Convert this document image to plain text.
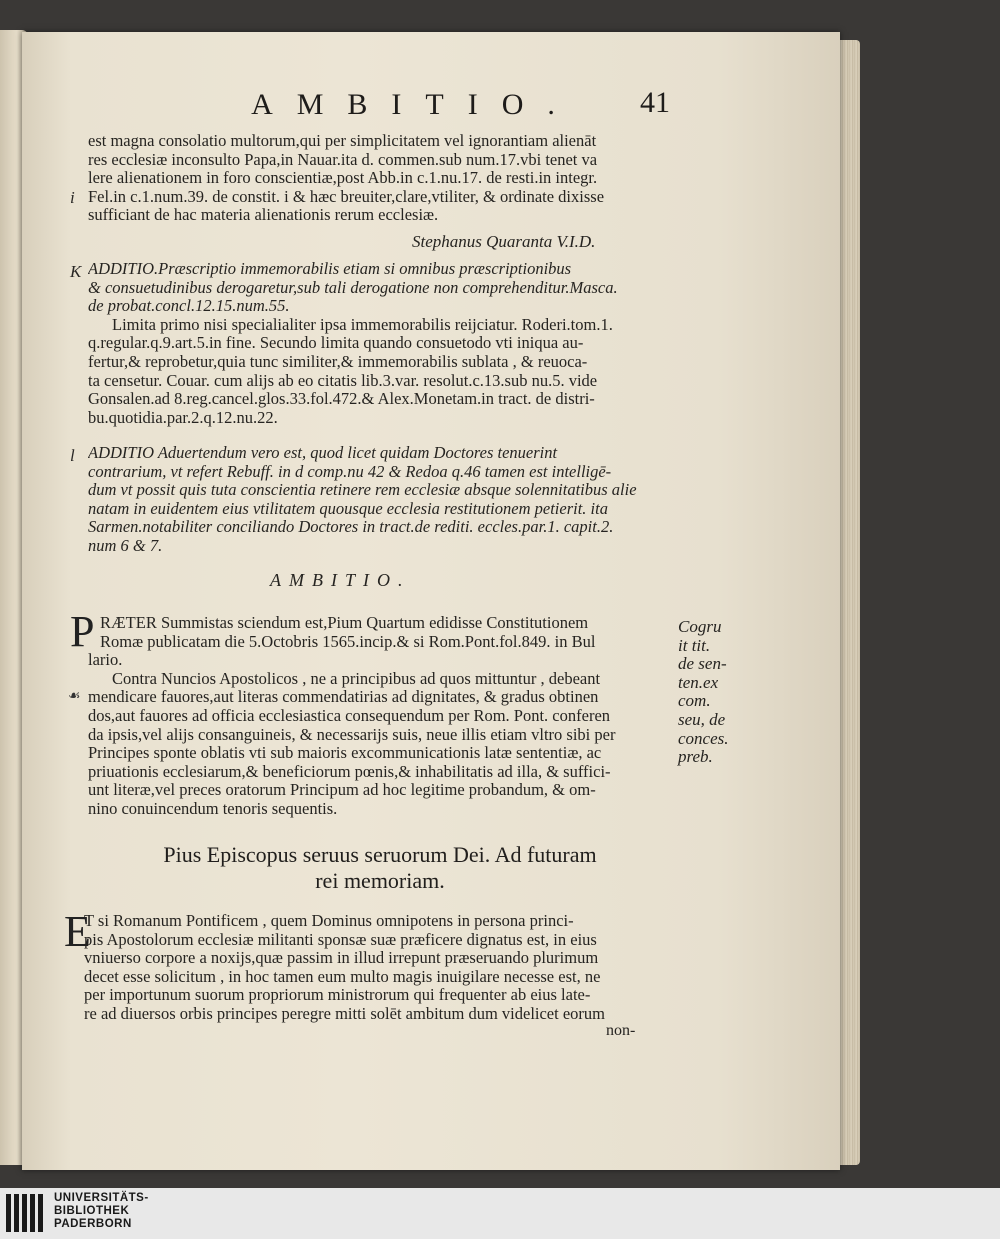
AMBITIO.	41
i
est magna consolatio multorum,qui per simplicitatem vel ignorantiam alienāt
res ecclesiæ inconsulto Papa,in Nauar.ita d. commen.sub num.17.vbi tenet va
lere alienationem in foro conscientiæ,post Abb.in c.1.nu.17. de resti.in integr.
Fel.in c.1.num.39. de constit. i & hæc breuiter,clare,vtiliter, & ordinate dixisse
sufficiant de hac materia alienationis rerum ecclesiæ.
Stephanus Quaranta V.I.D.
K ADDITIO.Præscriptio immemorabilis etiam si omnibus præscriptionibus
& consuetudinibus derogaretur,sub tali derogatione non comprehenditur.Masca.
de probat.concl.12.15.num.55.
Limita primo nisi specialialiter ipsa immemorabilis reijciatur. Roderi.tom.1.
q.regular.q.9.art.5.in fine. Secundo limita quando consuetodo vti iniqua au-
fertur,& reprobetur,quia tunc similiter,& immemorabilis sublata , & reuoca-
ta censetur. Couar. cum alijs ab eo citatis lib.3.var. resolut.c.13.sub nu.5. vide
Gonsalen.ad 8.reg.cancel.glos.33.fol.472.& Alex.Monetam.in tract. de distri-
bu.quotidia.par.2.q.12.nu.22.
l ADDITIO Aduertendum vero est, quod licet quidam Doctores tenuerint
contrarium, vt refert Rebuff. in d comp.nu 42 & Redoa q.46 tamen est intelligē-
dum vt possit quis tuta conscientia retinere rem ecclesiæ absque solennitatibus alie
natam in euidentem eius vtilitatem quousque ecclesia restitutionem petierit. ita
Sarmen.notabiliter conciliando Doctores in tract.de rediti. eccles.par.1. capit.2.
num 6 & 7.
AMBITIO.
P
☙
RÆTER Summistas sciendum est,Pium Quartum edidisse Constitutionem
Romæ publicatam die 5.Octobris 1565.incip.& si Rom.Pont.fol.849. in Bul
lario.
Contra Nuncios Apostolicos , ne a principibus ad quos mittuntur , debeant
mendicare fauores,aut literas commendatirias ad dignitates, & gradus obtinen
dos,aut fauores ad officia ecclesiastica consequendum per Rom. Pont. conferen
da ipsis,vel alijs consanguineis, & necessarijs suis, neue illis etiam vltro sibi per
Principes sponte oblatis vti sub maioris excommunicationis latæ sententiæ, ac
priuationis ecclesiarum,& beneficiorum pœnis,& inhabilitatis ad illa, & suffici-
unt literæ,vel preces oratorum Principum ad hoc legitime probandum, & om-
nino conuincendum tenoris sequentis.
Cogru
it tit.
de sen-
ten.ex
com.
seu, de
conces.
preb.
Pius Episcopus seruus seruorum Dei. Ad futuram
rei memoriam.
E
T si Romanum Pontificem , quem Dominus omnipotens in persona princi-
pis Apostolorum ecclesiæ militanti sponsæ suæ præficere dignatus est, in eius
vniuerso corpore a noxijs,quæ passim in illud irrepunt præseruando plurimum
decet esse solicitum , in hoc tamen eum multo magis inuigilare necesse est, ne
per importunum suorum propriorum ministrorum qui frequenter ab eius late-
re ad diuersos orbis principes peregre mitti solēt ambitum dum videlicet eorum
non-
UNIVERSITÄTS-
BIBLIOTHEK
PADERBORN
